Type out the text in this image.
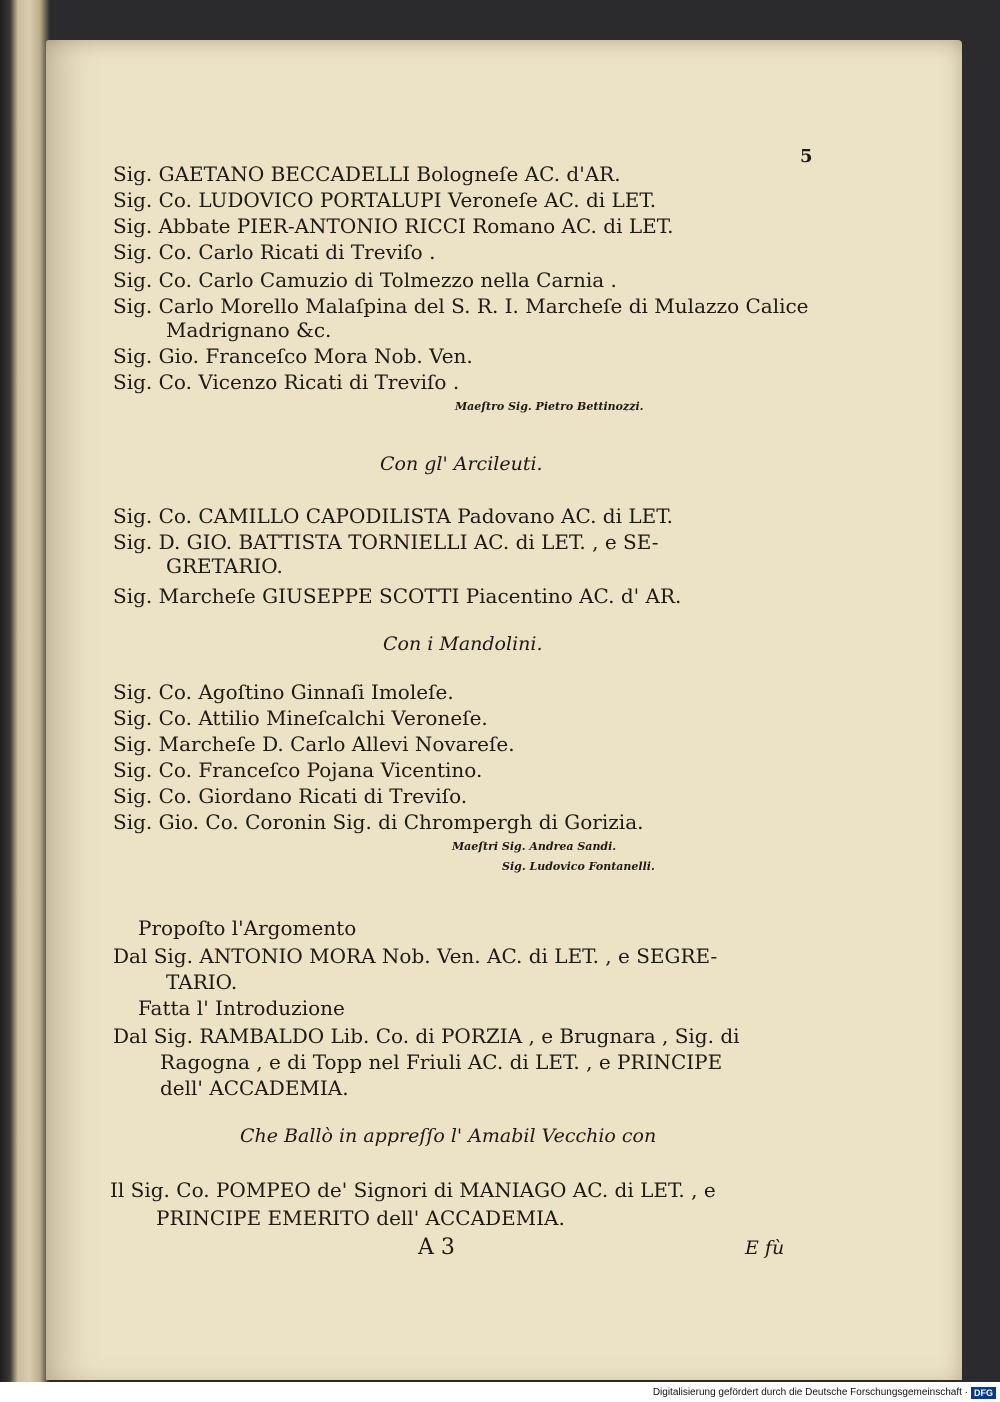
5
Sig. GAETANO BECCADELLI Bologneſe AC. d'AR.
Sig. Co. LUDOVICO PORTALUPI Veroneſe AC. di LET.
Sig. Abbate PIER-ANTONIO RICCI Romano AC. di LET.
Sig. Co. Carlo Ricati di Treviſo .
Sig. Co. Carlo Camuzio di Tolmezzo nella Carnia .
Sig. Carlo Morello Malaſpina del S. R. I. Marcheſe di Mulazzo Calice
Madrignano &c.
Sig. Gio. Franceſco Mora Nob. Ven.
Sig. Co. Vicenzo Ricati di Treviſo .
Maeſtro Sig. Pietro Bettinozzi.
Con gl' Arcileuti.
Sig. Co. CAMILLO CAPODILISTA Padovano AC. di LET.
Sig. D. GIO. BATTISTA TORNIELLI AC. di LET. , e SE-
GRETARIO.
Sig. Marcheſe GIUSEPPE SCOTTI Piacentino AC. d' AR.
Con i Mandolini.
Sig. Co. Agoſtino Ginnaſi Imoleſe.
Sig. Co. Attilio Mineſcalchi Veroneſe.
Sig. Marcheſe D. Carlo Allevi Novareſe.
Sig. Co. Franceſco Pojana Vicentino.
Sig. Co. Giordano Ricati di Treviſo.
Sig. Gio. Co. Coronin Sig. di Chrompergh di Gorizia.
Maeſtri Sig. Andrea Sandi.
Sig. Ludovico Fontanelli.
Propoſto l'Argomento
Dal Sig. ANTONIO MORA Nob. Ven. AC. di LET. , e SEGRE-
TARIO.
Fatta l' Introduzione
Dal Sig. RAMBALDO Lib. Co. di PORZIA , e Brugnara , Sig. di
Ragogna , e di Topp nel Friuli AC. di LET. , e PRINCIPE
dell' ACCADEMIA.
Che Ballò in appreſſo l' Amabil Vecchio con
Il Sig. Co. POMPEO de' Signori di MANIAGO AC. di LET. , e
PRINCIPE EMERITO dell' ACCADEMIA.
A 3	E fù
Digitalisierung gefördert durch die Deutsche Forschungsgemeinschaft · DFG
